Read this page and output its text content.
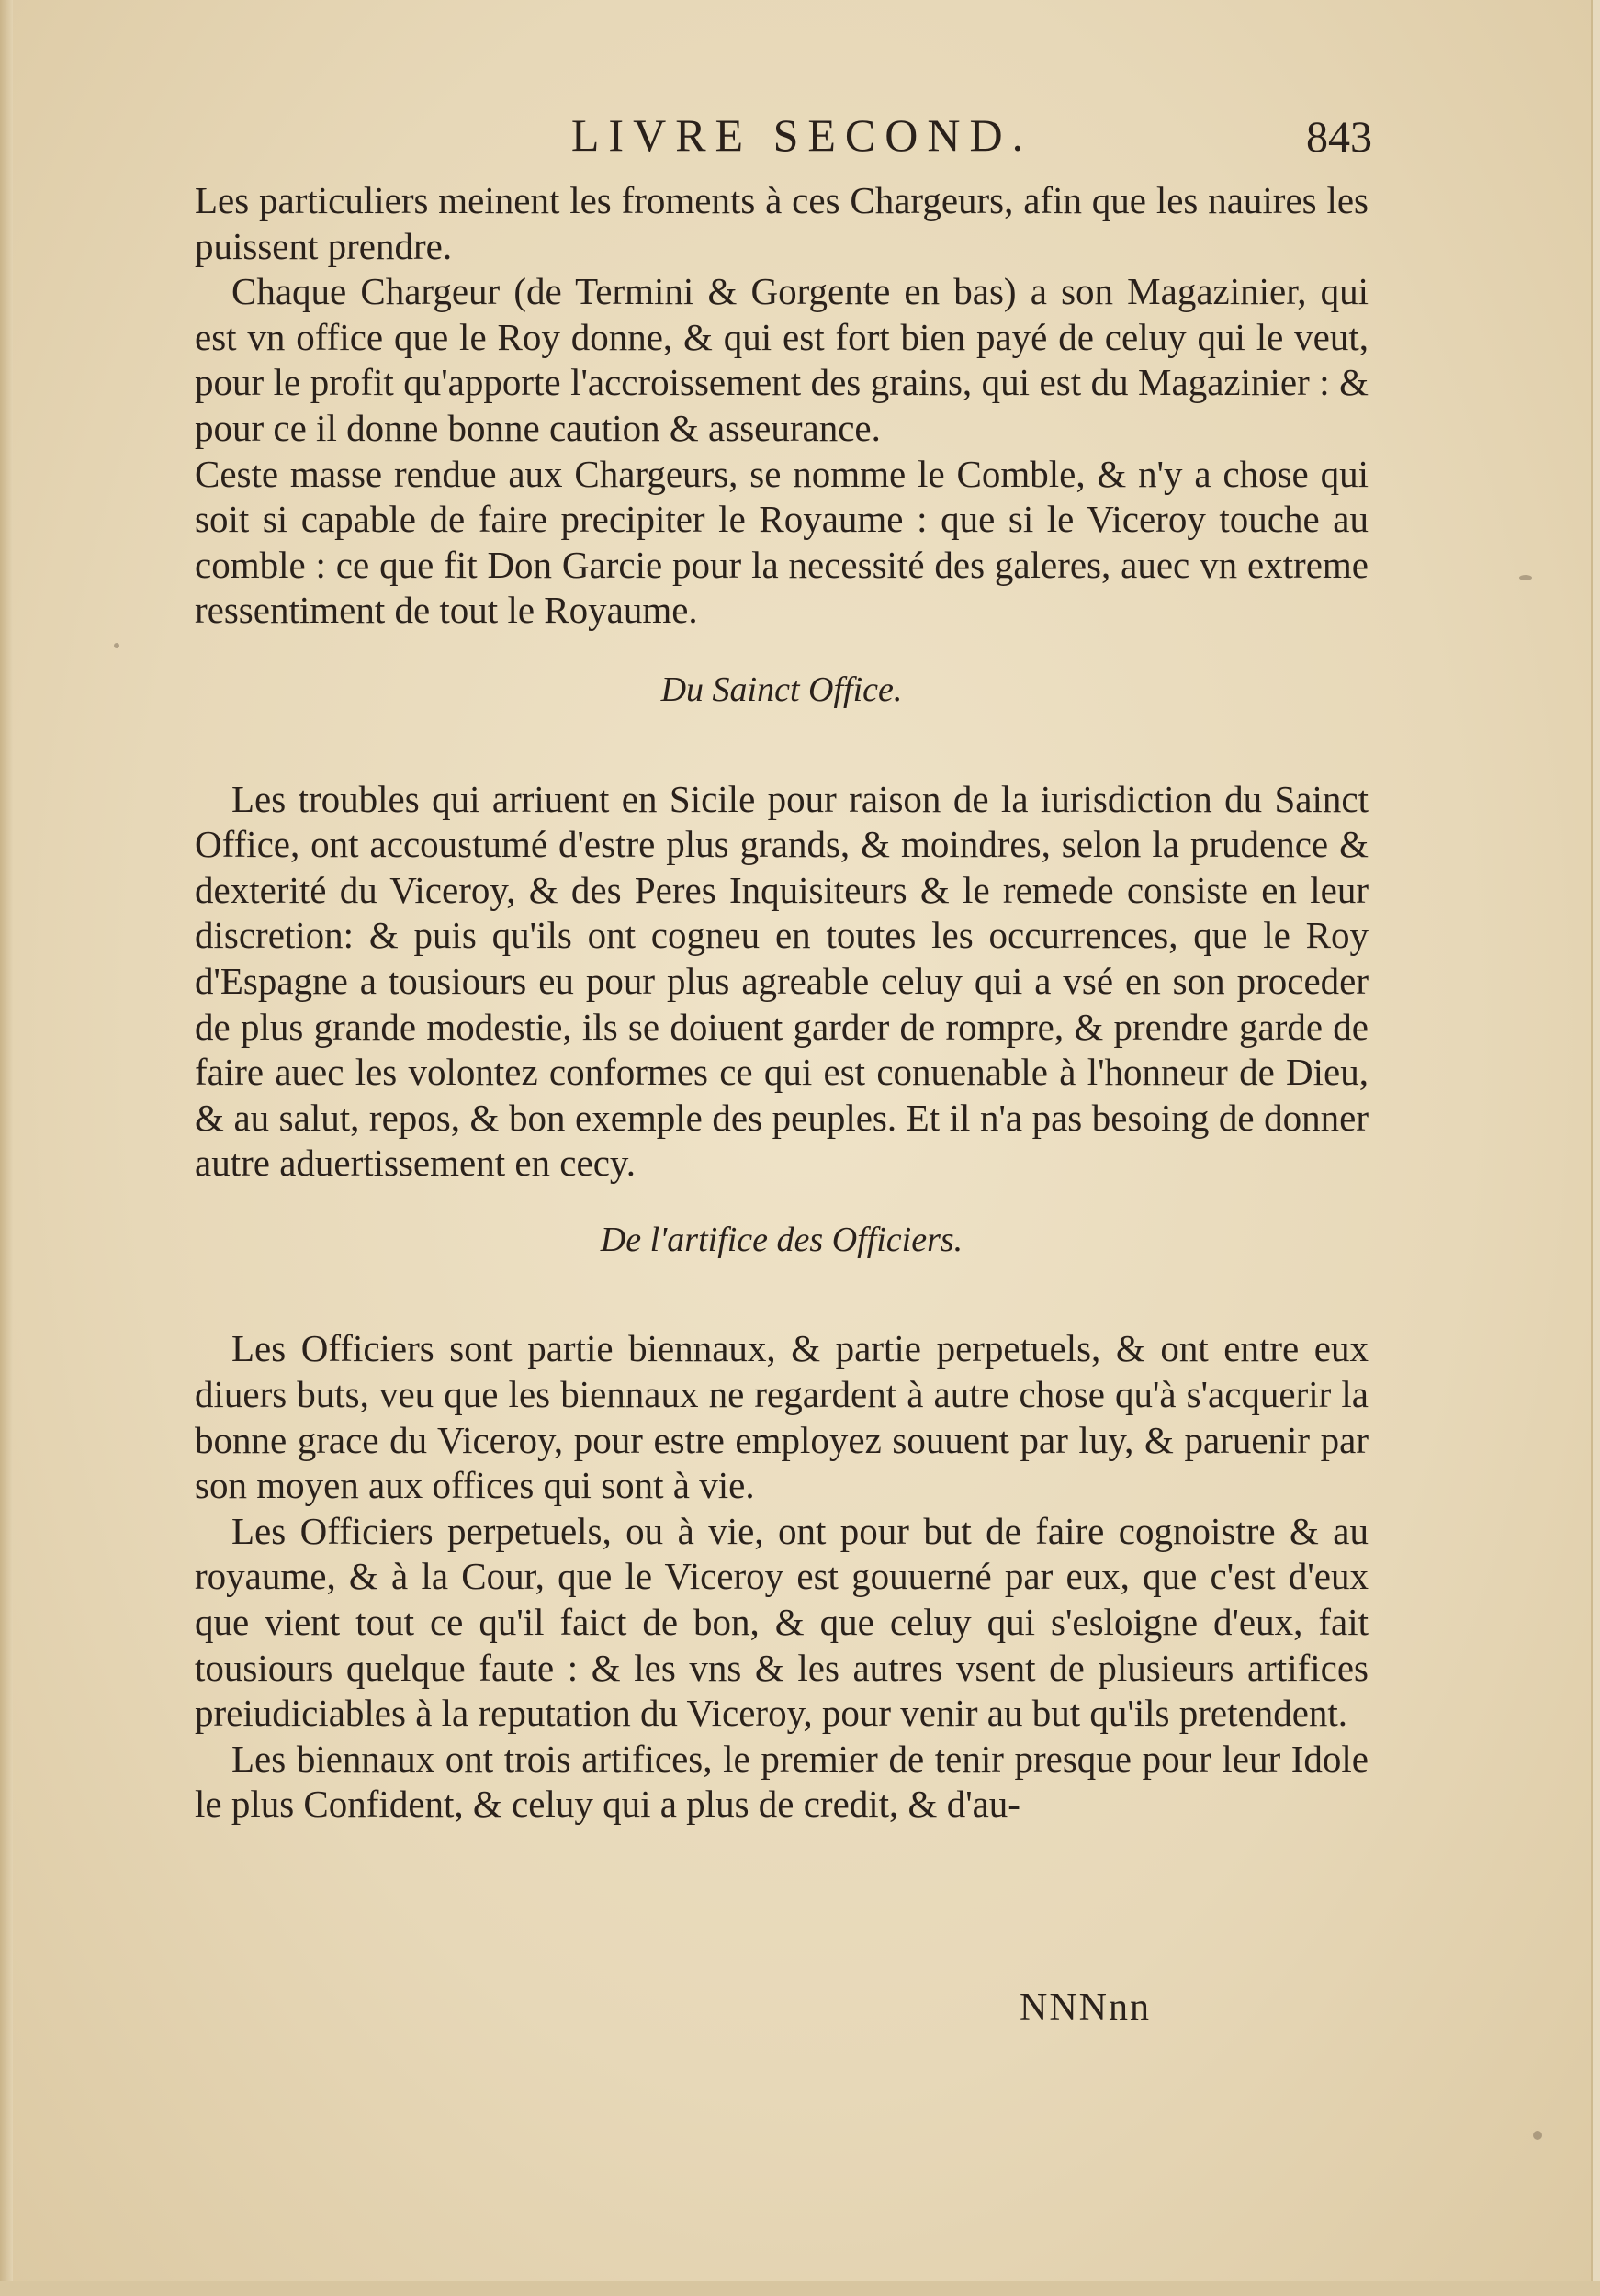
LIVRE SECOND.	843

Les particuliers meinent les froments à ces Chargeurs, afin que les nauires les puissent prendre.

Chaque Chargeur (de Termini & Gorgente en bas) a son Magazinier, qui est vn office que le Roy donne, & qui est fort bien payé de celuy qui le veut, pour le profit qu'apporte l'accroissement des grains, qui est du Magazinier : & pour ce il donne bonne caution & asseurance.

Ceste masse rendue aux Chargeurs, se nomme le Comble, & n'y a chose qui soit si capable de faire precipiter le Royaume : que si le Viceroy touche au comble : ce que fit Don Garcie pour la necessité des galeres, auec vn extreme ressentiment de tout le Royaume.

Du Sainct Office.

Les troubles qui arriuent en Sicile pour raison de la iurisdiction du Sainct Office, ont accoustumé d'estre plus grands, & moindres, selon la prudence & dexterité du Viceroy, & des Peres Inquisiteurs & le remede consiste en leur discretion: & puis qu'ils ont cogneu en toutes les occurrences, que le Roy d'Espagne a tousiours eu pour plus agreable celuy qui a vsé en son proceder de plus grande modestie, ils se doiuent garder de rompre, & prendre garde de faire auec les volontez conformes ce qui est conuenable à l'honneur de Dieu, & au salut, repos, & bon exemple des peuples. Et il n'a pas besoing de donner autre aduertissement en cecy.

De l'artifice des Officiers.

Les Officiers sont partie biennaux, & partie perpetuels, & ont entre eux diuers buts, veu que les biennaux ne regardent à autre chose qu'à s'acquerir la bonne grace du Viceroy, pour estre employez souuent par luy, & paruenir par son moyen aux offices qui sont à vie.

Les Officiers perpetuels, ou à vie, ont pour but de faire cognoistre & au royaume, & à la Cour, que le Viceroy est gouuerné par eux, que c'est d'eux que vient tout ce qu'il faict de bon, & que celuy qui s'esloigne d'eux, fait tousiours quelque faute : & les vns & les autres vsent de plusieurs artifices preiudiciables à la reputation du Viceroy, pour venir au but qu'ils pretendent.

Les biennaux ont trois artifices, le premier de tenir presque pour leur Idole le plus Confident, & celuy qui a plus de credit, & d'au-

NNNnn
